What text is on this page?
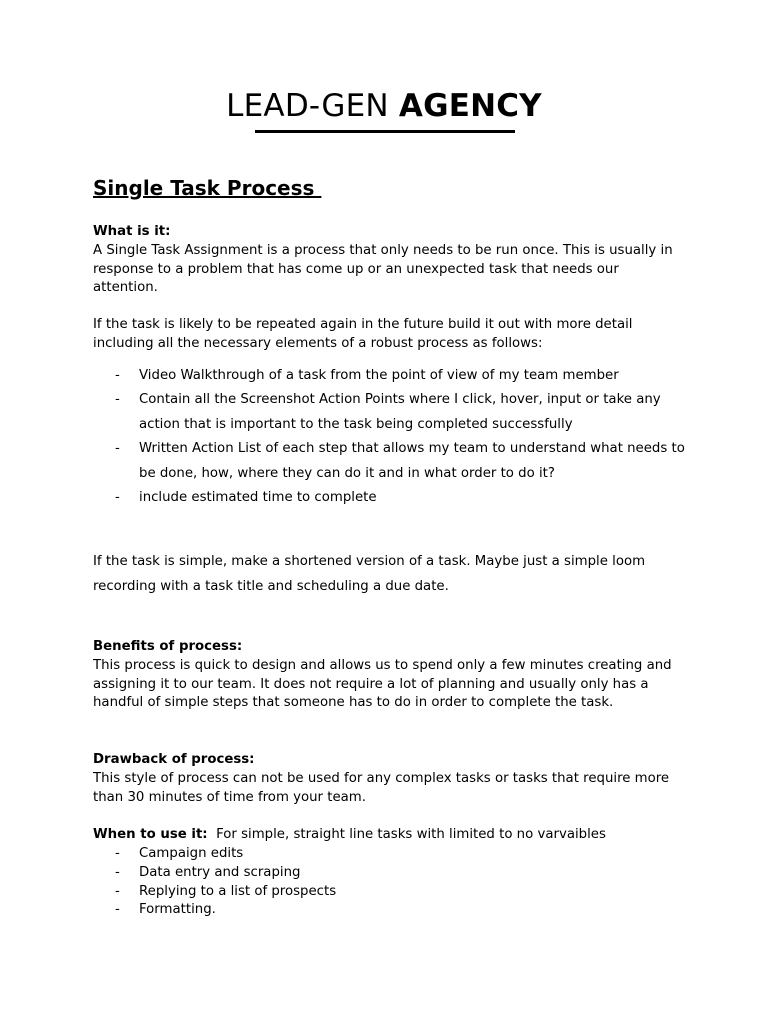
LEAD-GEN AGENCY
Single Task Process
What is it:
A Single Task Assignment is a process that only needs to be run once. This is usually in response to a problem that has come up or an unexpected task that needs our attention.
If the task is likely to be repeated again in the future build it out with more detail including all the necessary elements of a robust process as follows:
- Video Walkthrough of a task from the point of view of my team member
- Contain all the Screenshot Action Points where I click, hover, input or take any action that is important to the task being completed successfully
- Written Action List of each step that allows my team to understand what needs to be done, how, where they can do it and in what order to do it?
- include estimated time to complete
If the task is simple, make a shortened version of a task. Maybe just a simple loom recording with a task title and scheduling a due date.
Benefits of process:
This process is quick to design and allows us to spend only a few minutes creating and assigning it to our team. It does not require a lot of planning and usually only has a handful of simple steps that someone has to do in order to complete the task.
Drawback of process:
This style of process can not be used for any complex tasks or tasks that require more than 30 minutes of time from your team.
When to use it:  For simple, straight line tasks with limited to no varvaibles
- Campaign edits
- Data entry and scraping
- Replying to a list of prospects
- Formatting.
